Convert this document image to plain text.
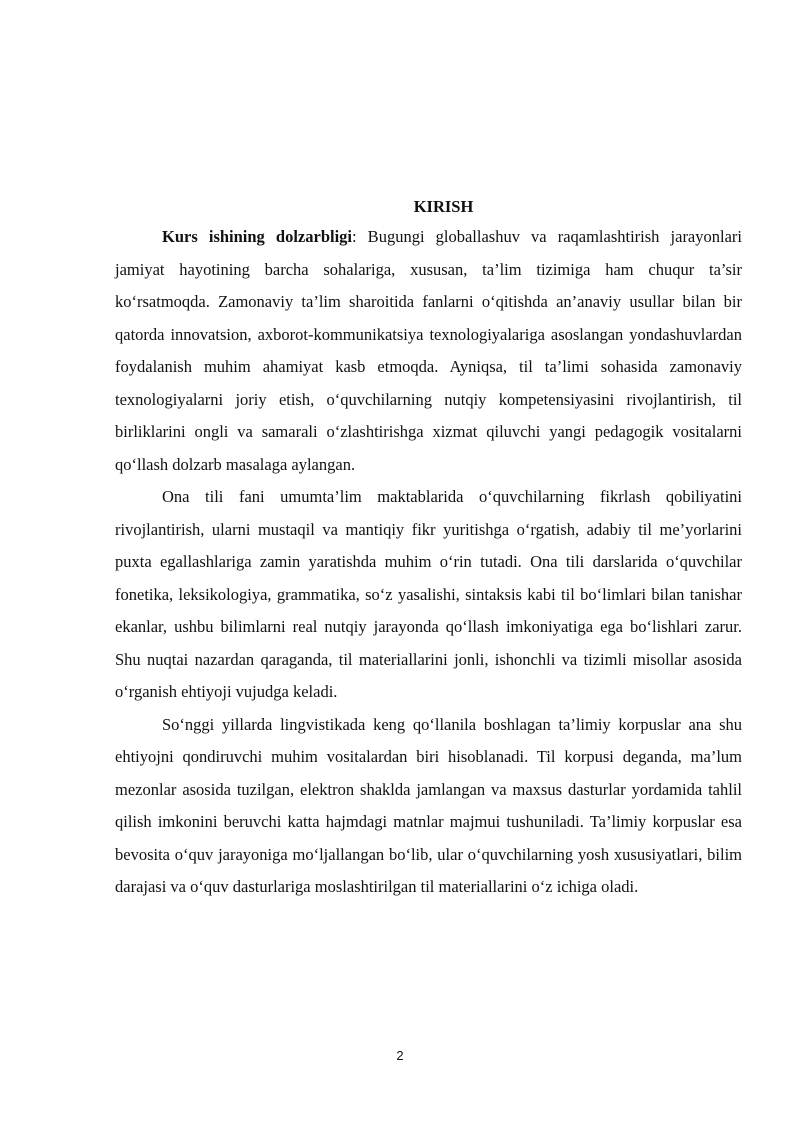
KIRISH

Kurs ishining dolzarbligi: Bugungi globallashuv va raqamlashtirish jarayonlari jamiyat hayotining barcha sohalariga, xususan, ta’lim tizimiga ham chuqur ta’sir ko‘rsatmoqda. Zamonaviy ta’lim sharoitida fanlarni o‘qitishda an’anaviy usullar bilan bir qatorda innovatsion, axborot-kommunikatsiya texnologiyalariga asoslangan yondashuvlardan foydalanish muhim ahamiyat kasb etmoqda. Ayniqsa, til ta’limi sohasida zamonaviy texnologiyalarni joriy etish, o‘quvchilarning nutqiy kompetensiyasini rivojlantirish, til birliklarini ongli va samarali o‘zlashtirishga xizmat qiluvchi yangi pedagogik vositalarni qo‘llash dolzarb masalaga aylangan.

Ona tili fani umumta’lim maktablarida o‘quvchilarning fikrlash qobiliyatini rivojlantirish, ularni mustaqil va mantiqiy fikr yuritishga o‘rgatish, adabiy til me’yorlarini puxta egallashlariga zamin yaratishda muhim o‘rin tutadi. Ona tili darslarida o‘quvchilar fonetika, leksikologiya, grammatika, so‘z yasalishi, sintaksis kabi til bo‘limlari bilan tanishar ekanlar, ushbu bilimlarni real nutqiy jarayonda qo‘llash imkoniyatiga ega bo‘lishlari zarur. Shu nuqtai nazardan qaraganda, til materiallarini jonli, ishonchli va tizimli misollar asosida o‘rganish ehtiyoji vujudga keladi.

So‘nggi yillarda lingvistikada keng qo‘llanila boshlagan ta’limiy korpuslar ana shu ehtiyojni qondiruvchi muhim vositalardan biri hisoblanadi. Til korpusi deganda, ma’lum mezonlar asosida tuzilgan, elektron shaklda jamlangan va maxsus dasturlar yordamida tahlil qilish imkonini beruvchi katta hajmdagi matnlar majmui tushuniladi. Ta’limiy korpuslar esa bevosita o‘quv jarayoniga mo‘ljallangan bo‘lib, ular o‘quvchilarning yosh xususiyatlari, bilim darajasi va o‘quv dasturlariga moslashtirilgan til materiallarini o‘z ichiga oladi.

2
